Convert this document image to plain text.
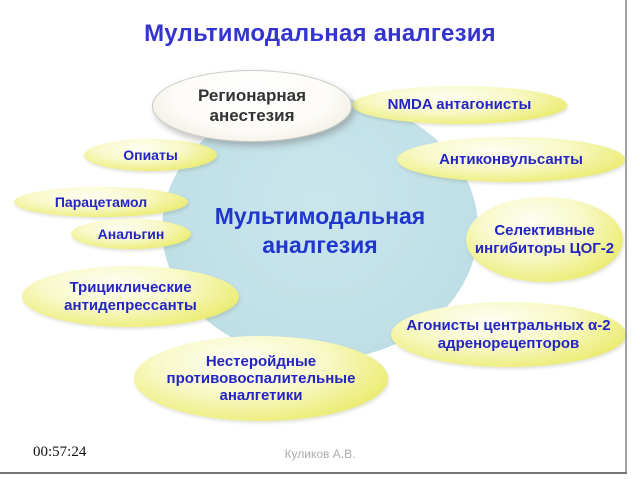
Мультимодальная аналгезия
Мультимодальная аналгезия
Регионарная анестезия
NMDA антагонисты
Опиаты	Антиконвульсанты
Парацетамол
Анальгин	Селективные ингибиторы ЦОГ-2
Трициклические антидепрессанты
Агонисты центральных α-2 адренорецепторов
Нестеройдные противовоспалительные аналгетики
00:57:24	Куликов А.В.
